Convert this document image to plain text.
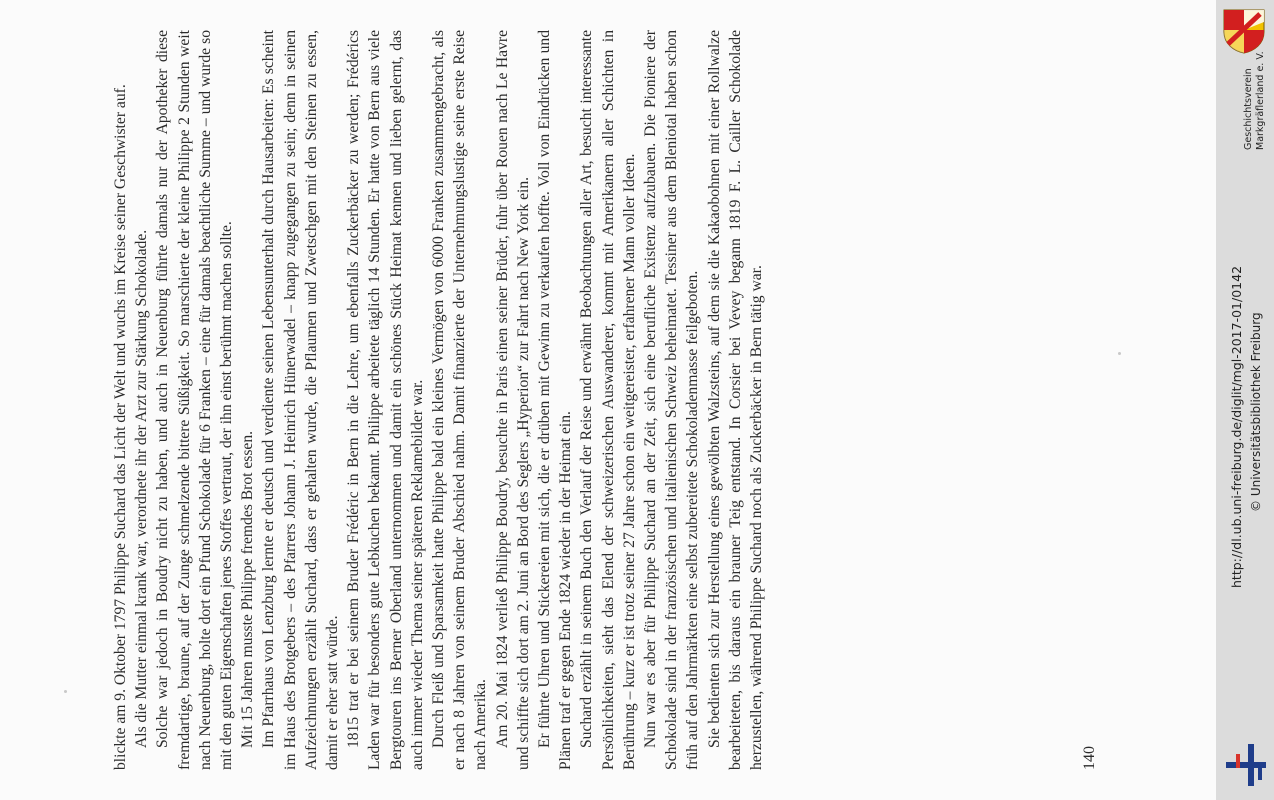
blickte am 9. Oktober 1797 Philippe Suchard das Licht der Welt und wuchs im Kreise seiner Geschwister auf. Als die Mutter einmal krank war, verordnete ihr der Arzt zur Stärkung Schokolade. Solche war jedoch in Boudry nicht zu haben, und auch in Neuenburg führte damals nur der Apotheker diese fremdartige, braune, auf der Zunge schmelzende bittere Süßigkeit. So marschierte der kleine Philippe 2 Stunden weit nach Neuenburg, holte dort ein Pfund Schokolade für 6 Franken – eine für damals beachtliche Summe – und wurde so mit den guten Eigenschaften jenes Stoffes vertraut, der ihn einst berühmt machen sollte. Mit 15 Jahren musste Philippe fremdes Brot essen. Im Pfarrhaus von Lenzburg lernte er deutsch und verdiente seinen Lebensunterhalt durch Hausarbeiten: Es scheint im Haus des Brotgebers – des Pfarrers Johann J. Heinrich Hünerwadel – knapp zugegangen zu sein; denn in seinen Aufzeichnungen erzählt Suchard, dass er gehalten wurde, die Pflaumen und Zwetschgen mit den Steinen zu essen, damit er eher satt würde. 1815 trat er bei seinem Bruder Frédéric in Bern in die Lehre, um ebenfalls Zuckerbäcker zu werden; Frédérics Laden war für besonders gute Lebkuchen bekannt. Philippe arbeitete täglich 14 Stunden. Er hatte von Bern aus viele Bergtouren ins Berner Oberland unternommen und damit ein schönes Stück Heimat kennen und lieben gelernt, das auch immer wieder Thema seiner späteren Reklamebilder war. Durch Fleiß und Sparsamkeit hatte Philippe bald ein kleines Vermögen von 6000 Franken zusammengebracht, als er nach 8 Jahren von seinem Bruder Abschied nahm. Damit finanzierte der Unternehmungslustige seine erste Reise nach Amerika. Am 20. Mai 1824 verließ Philippe Boudry, besuchte in Paris einen seiner Brüder, fuhr über Rouen nach Le Havre und schiffte sich dort am 2. Juni an Bord des Seglers „Hyperion“ zur Fahrt nach New York ein. Er führte Uhren und Stickereien mit sich, die er drüben mit Gewinn zu verkaufen hoffte. Voll von Eindrücken und Plänen traf er gegen Ende 1824 wieder in der Heimat ein. Suchard erzählt in seinem Buch den Verlauf der Reise und erwähnt Beobachtungen aller Art, besucht interessante Persönlichkeiten, sieht das Elend der schweizerischen Auswanderer, kommt mit Amerikanern aller Schichten in Berührung – kurz er ist trotz seiner 27 Jahre schon ein weitgereister, erfahrener Mann voller Ideen. Nun war es aber für Philippe Suchard an der Zeit, sich eine berufliche Existenz aufzubauen. Die Pioniere der Schokolade sind in der französischen und italienischen Schweiz beheimatet. Tessiner aus dem Bleniotal haben schon früh auf den Jahrmärkten eine selbst zubereitete Schokoladenmasse feilgeboten. Sie bedienten sich zur Herstellung eines gewölbten Walzsteins, auf dem sie die Kakaobohnen mit einer Rollwalze bearbeiteten, bis daraus ein brauner Teig entstand. In Corsier bei Vevey begann 1819 F. L. Cailler Schokolade herzustellen, während Philippe Suchard noch als Zuckerbäcker in Bern tätig war.	140
http://dl.ub.uni-freiburg.de/diglit/mgl-2017-01/0142 © Universitätsbibliothek Freiburg
Geschichtsverein Markgräflerland e. V.
